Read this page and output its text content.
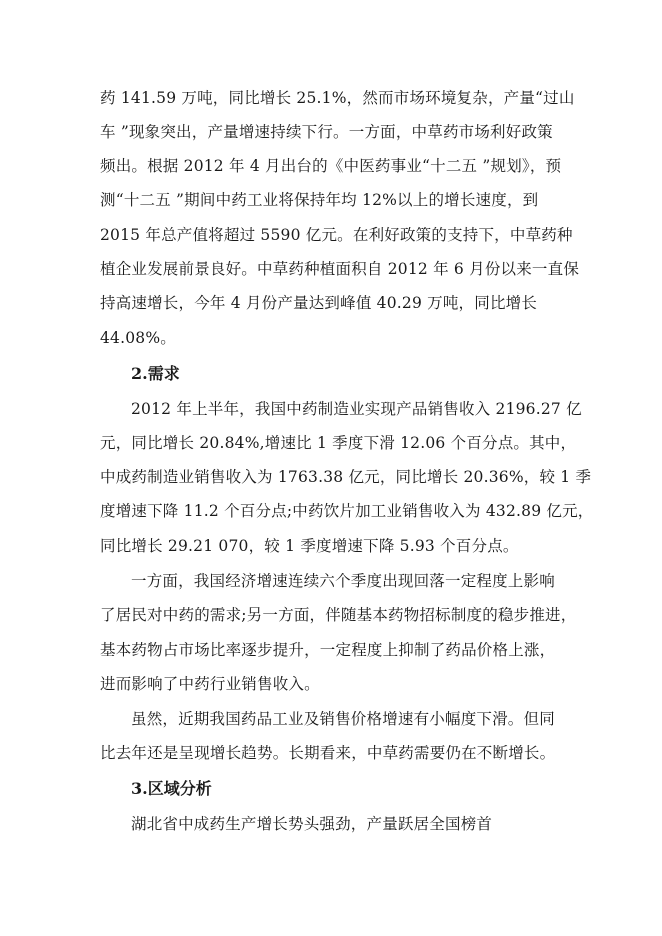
药 141.59 万吨，同比增长 25.1%，然而市场环境复杂，产量“过山
车 ”现象突出，产量增速持续下行。一方面，中草药市场利好政策
频出。根据 2012 年 4 月出台的《中医药事业“十二五 ”规划》，预
测“十二五 ”期间中药工业将保持年均 12%以上的增长速度，到
2015 年总产值将超过 5590 亿元。在利好政策的支持下，中草药种
植企业发展前景良好。中草药种植面积自 2012 年 6 月份以来一直保
持高速增长，今年 4 月份产量达到峰值 40.29 万吨，同比增长
44.08%。
2.需求
2012 年上半年，我国中药制造业实现产品销售收入 2196.27 亿
元，同比增长 20.84%,增速比 1 季度下滑 12.06 个百分点。其中，
中成药制造业销售收入为 1763.38 亿元，同比增长 20.36%，较 1 季
度增速下降 11.2 个百分点;中药饮片加工业销售收入为 432.89 亿元，
同比增长 29.21 070，较 1 季度增速下降 5.93 个百分点。
一方面，我国经济增速连续六个季度出现回落一定程度上影响
了居民对中药的需求;另一方面，伴随基本药物招标制度的稳步推进，
基本药物占市场比率逐步提升，一定程度上抑制了药品价格上涨，
进而影响了中药行业销售收入。
虽然，近期我国药品工业及销售价格增速有小幅度下滑。但同
比去年还是呈现增长趋势。长期看来，中草药需要仍在不断增长。
3.区域分析
湖北省中成药生产增长势头强劲，产量跃居全国榜首
